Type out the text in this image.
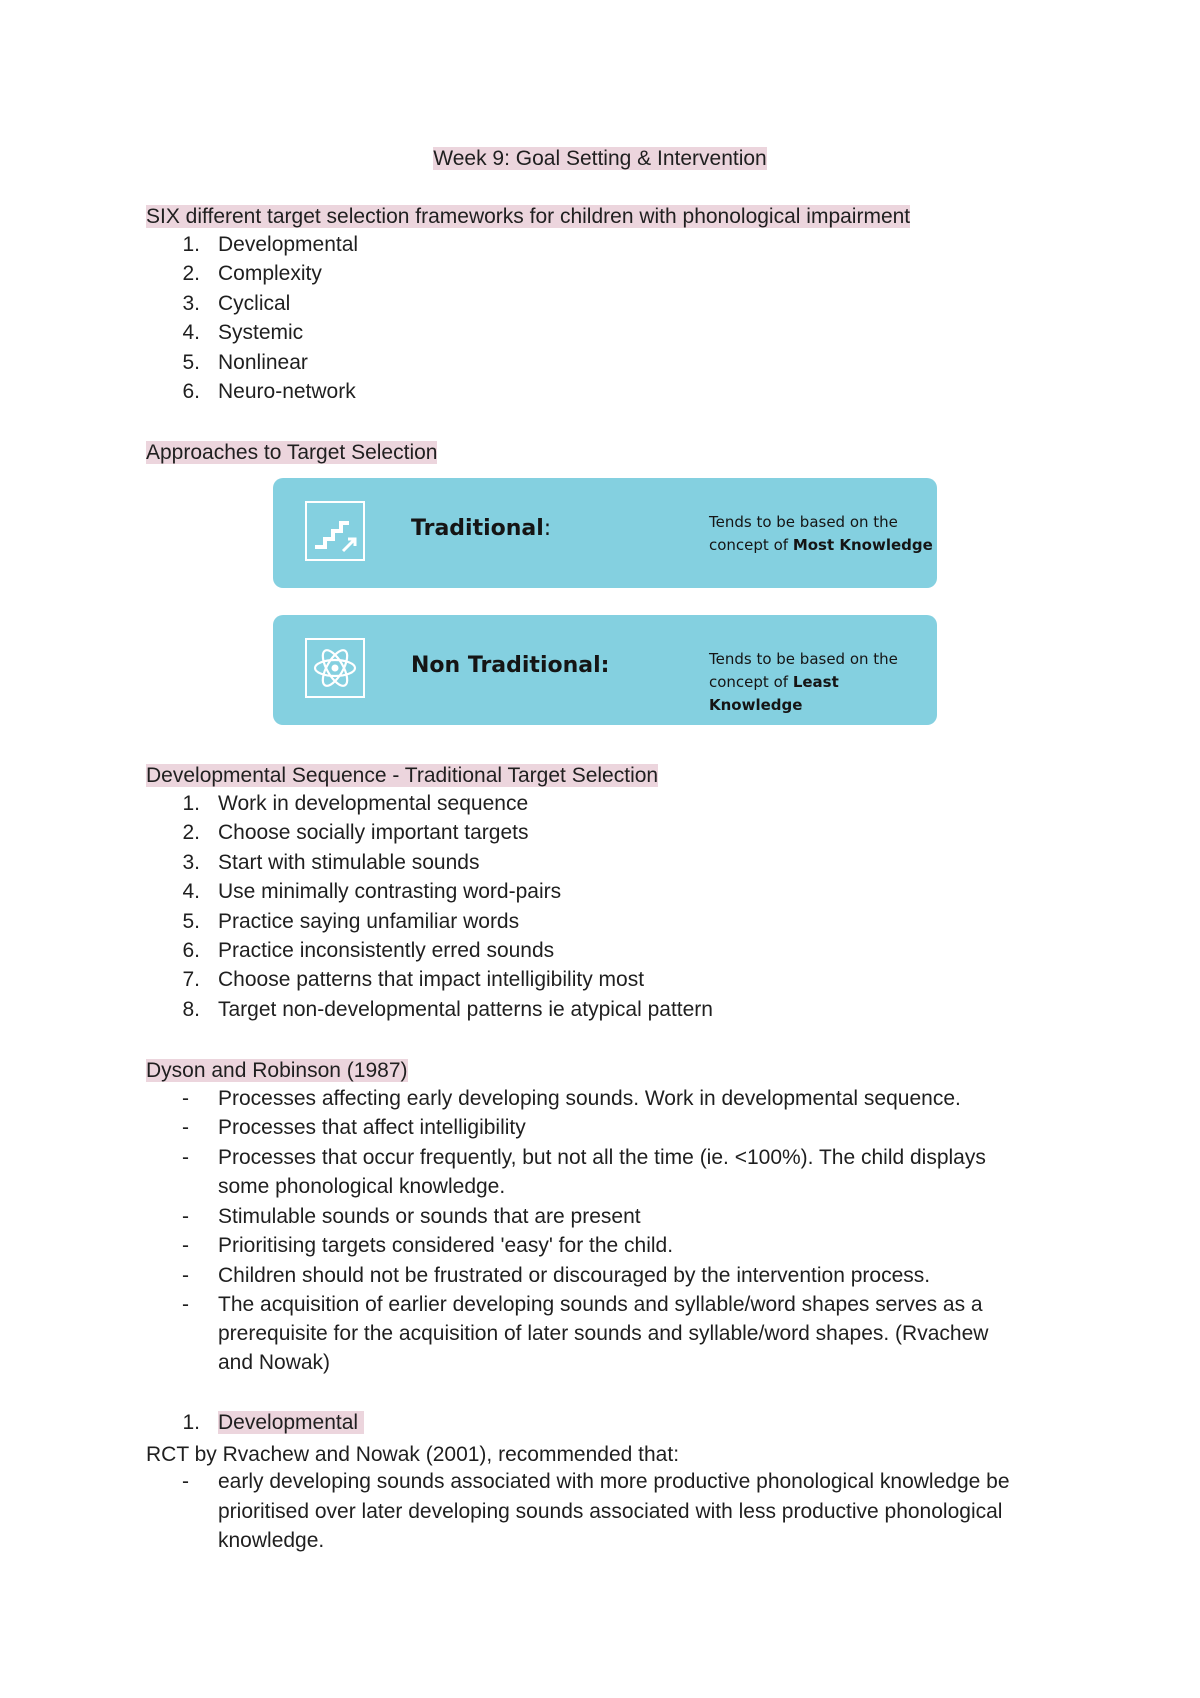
Week 9: Goal Setting & Intervention
SIX different target selection frameworks for children with phonological impairment
1. Developmental
2. Complexity
3. Cyclical
4. Systemic
5. Nonlinear
6. Neuro-network
Approaches to Target Selection
Traditional:	Tends to be based on the concept of Most Knowledge
Non Traditional:	Tends to be based on the concept of Least Knowledge
Developmental Sequence - Traditional Target Selection
1. Work in developmental sequence
2. Choose socially important targets
3. Start with stimulable sounds
4. Use minimally contrasting word-pairs
5. Practice saying unfamiliar words
6. Practice inconsistently erred sounds
7. Choose patterns that impact intelligibility most
8. Target non-developmental patterns ie atypical pattern
Dyson and Robinson (1987)
- Processes affecting early developing sounds. Work in developmental sequence.
- Processes that affect intelligibility
- Processes that occur frequently, but not all the time (ie. <100%). The child displays
some phonological knowledge.
- Stimulable sounds or sounds that are present
- Prioritising targets considered 'easy' for the child.
- Children should not be frustrated or discouraged by the intervention process.
- The acquisition of earlier developing sounds and syllable/word shapes serves as a
prerequisite for the acquisition of later sounds and syllable/word shapes. (Rvachew
and Nowak)
1. Developmental
RCT by Rvachew and Nowak (2001), recommended that:
- early developing sounds associated with more productive phonological knowledge be
prioritised over later developing sounds associated with less productive phonological
knowledge.
